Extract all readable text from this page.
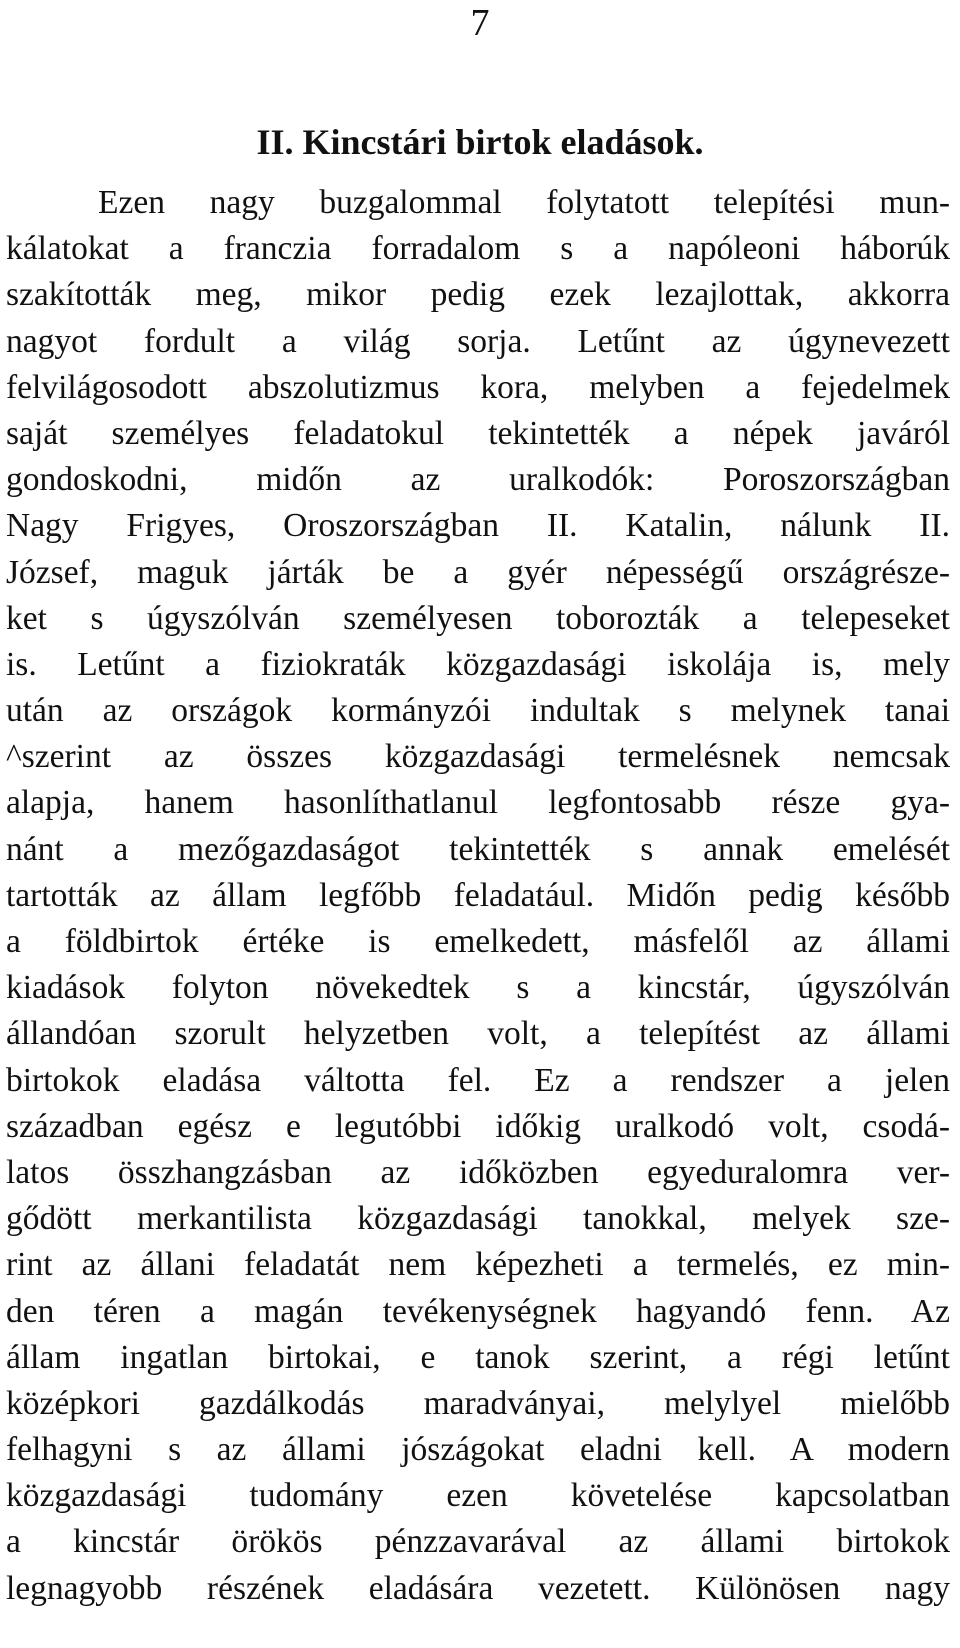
7
II. Kincstári birtok eladások.
Ezen nagy buzgalommal folytatott telepítési mun-
kálatokat a franczia forradalom s a napóleoni háborúk
szakították meg, mikor pedig ezek lezajlottak, akkorra
nagyot fordult a világ sorja. Letűnt az úgynevezett
felvilágosodott abszolutizmus kora, melyben a fejedelmek
saját személyes feladatokul tekintették a népek javáról
gondoskodni, midőn az uralkodók: Poroszországban
Nagy Frigyes, Oroszországban II. Katalin, nálunk II.
József, maguk járták be a gyér népességű országrésze-
ket s úgyszólván személyesen toborozták a telepeseket
is. Letűnt a fiziokraták közgazdasági iskolája is, mely
után az országok kormányzói indultak s melynek tanai
^szerint az összes közgazdasági termelésnek nemcsak
alapja, hanem hasonlíthatlanul legfontosabb része gya-
nánt a mezőgazdaságot tekintették s annak emelését
tartották az állam legfőbb feladatául. Midőn pedig később
a földbirtok értéke is emelkedett, másfelől az állami
kiadások folyton növekedtek s a kincstár, úgyszólván
állandóan szorult helyzetben volt, a telepítést az állami
birtokok eladása váltotta fel. Ez a rendszer a jelen
században egész e legutóbbi időkig uralkodó volt, csodá-
latos összhangzásban az időközben egyeduralomra ver-
gődött merkantilista közgazdasági tanokkal, melyek sze-
rint az állani feladatát nem képezheti a termelés, ez min-
den téren a magán tevékenységnek hagyandó fenn. Az
állam ingatlan birtokai, e tanok szerint, a régi letűnt
középkori gazdálkodás maradványai, melylyel mielőbb
felhagyni s az állami jószágokat eladni kell. A modern
közgazdasági tudomány ezen követelése kapcsolatban
a kincstár örökös pénzzavarával az állami birtokok
legnagyobb részének eladására vezetett. Különösen nagy
